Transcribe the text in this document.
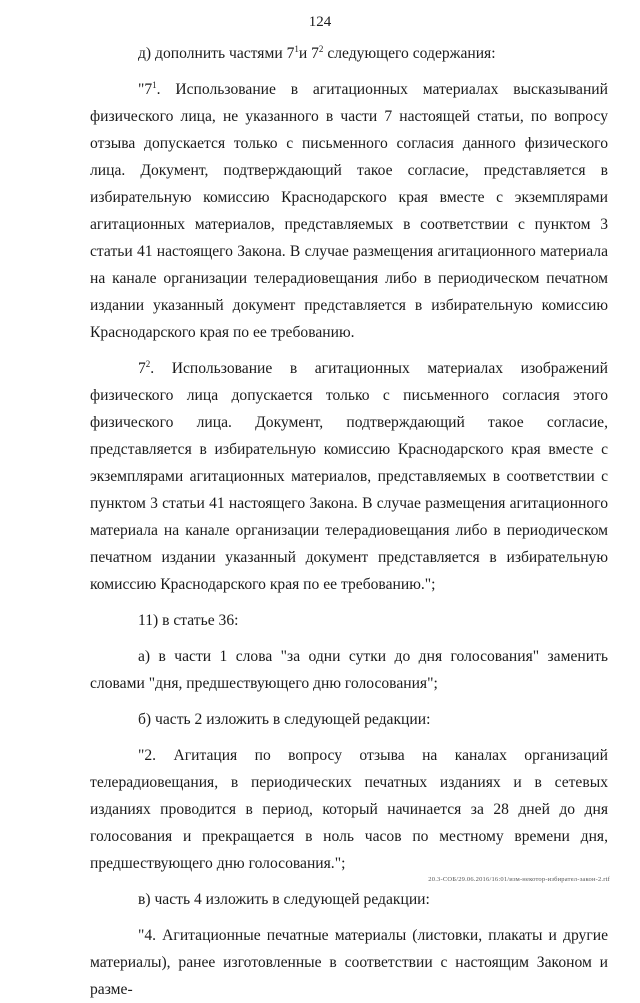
124

д) дополнить частями $7^1и$ $7^2$ следующего содержания:

"$7^1$. Использование в агитационных материалах высказываний физического лица, не указанного в части 7 настоящей статьи, по вопросу отзыва допускается только с письменного согласия данного физического лица. Документ, подтверждающий такое согласие, представляется в избирательную комиссию Краснодарского края вместе с экземплярами агитационных материалов, представляемых в соответствии с пунктом 3 статьи 41 настоящего Закона. В случае размещения агитационного материала на канале организации телерадиовещания либо в периодическом печатном издании указанный документ представляется в избирательную комиссию Краснодарского края по ее требованию.

$7^2$. Использование в агитационных материалах изображений физического лица допускается только с письменного согласия этого физического лица. Документ, подтверждающий такое согласие, представляется в избирательную комиссию Краснодарского края вместе с экземплярами агитационных материалов, представляемых в соответствии с пунктом 3 статьи 41 настоящего Закона. В случае размещения агитационного материала на канале организации телерадиовещания либо в периодическом печатном издании указанный документ представляется в избирательную комиссию Краснодарского края по ее требованию.";

11) в статье 36:

а) в части 1 слова "за одни сутки до дня голосования" заменить словами "дня, предшествующего дню голосования";

б) часть 2 изложить в следующей редакции:

"2. Агитация по вопросу отзыва на каналах организаций телерадиовещания, в периодических печатных изданиях и в сетевых изданиях проводится в период, который начинается за 28 дней до дня голосования и прекращается в ноль часов по местному времени дня, предшествующего дню голосования.";

в) часть 4 изложить в следующей редакции:

"4. Агитационные печатные материалы (листовки, плакаты и другие материалы), ранее изготовленные в соответствии с настоящим Законом и разме-

20.3-СОБ/29.06.2016/16:01/изм-некотор-избирател-закон-2.rtf
